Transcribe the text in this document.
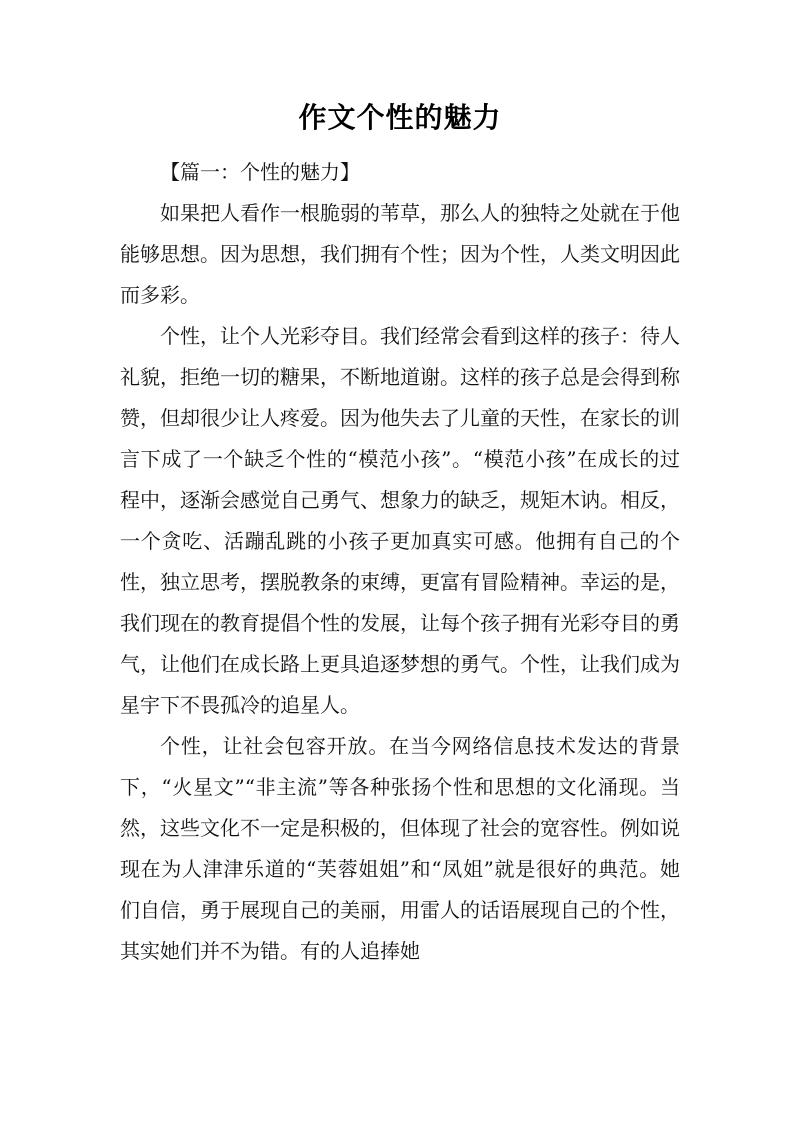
作文个性的魅力

【篇一：个性的魅力】

如果把人看作一根脆弱的苇草，那么人的独特之处就在于他能够思想。因为思想，我们拥有个性；因为个性，人类文明因此而多彩。

个性，让个人光彩夺目。我们经常会看到这样的孩子：待人礼貌，拒绝一切的糖果，不断地道谢。这样的孩子总是会得到称赞，但却很少让人疼爱。因为他失去了儿童的天性，在家长的训言下成了一个缺乏个性的“模范小孩”。“模范小孩”在成长的过程中，逐渐会感觉自己勇气、想象力的缺乏，规矩木讷。相反，一个贪吃、活蹦乱跳的小孩子更加真实可感。他拥有自己的个性，独立思考，摆脱教条的束缚，更富有冒险精神。幸运的是，我们现在的教育提倡个性的发展，让每个孩子拥有光彩夺目的勇气，让他们在成长路上更具追逐梦想的勇气。个性，让我们成为星宇下不畏孤冷的追星人。

个性，让社会包容开放。在当今网络信息技术发达的背景下，“火星文”“非主流”等各种张扬个性和思想的文化涌现。当然，这些文化不一定是积极的，但体现了社会的宽容性。例如说现在为人津津乐道的“芙蓉姐姐”和“凤姐”就是很好的典范。她们自信，勇于展现自己的美丽，用雷人的话语展现自己的个性，其实她们并不为错。有的人追捧她
